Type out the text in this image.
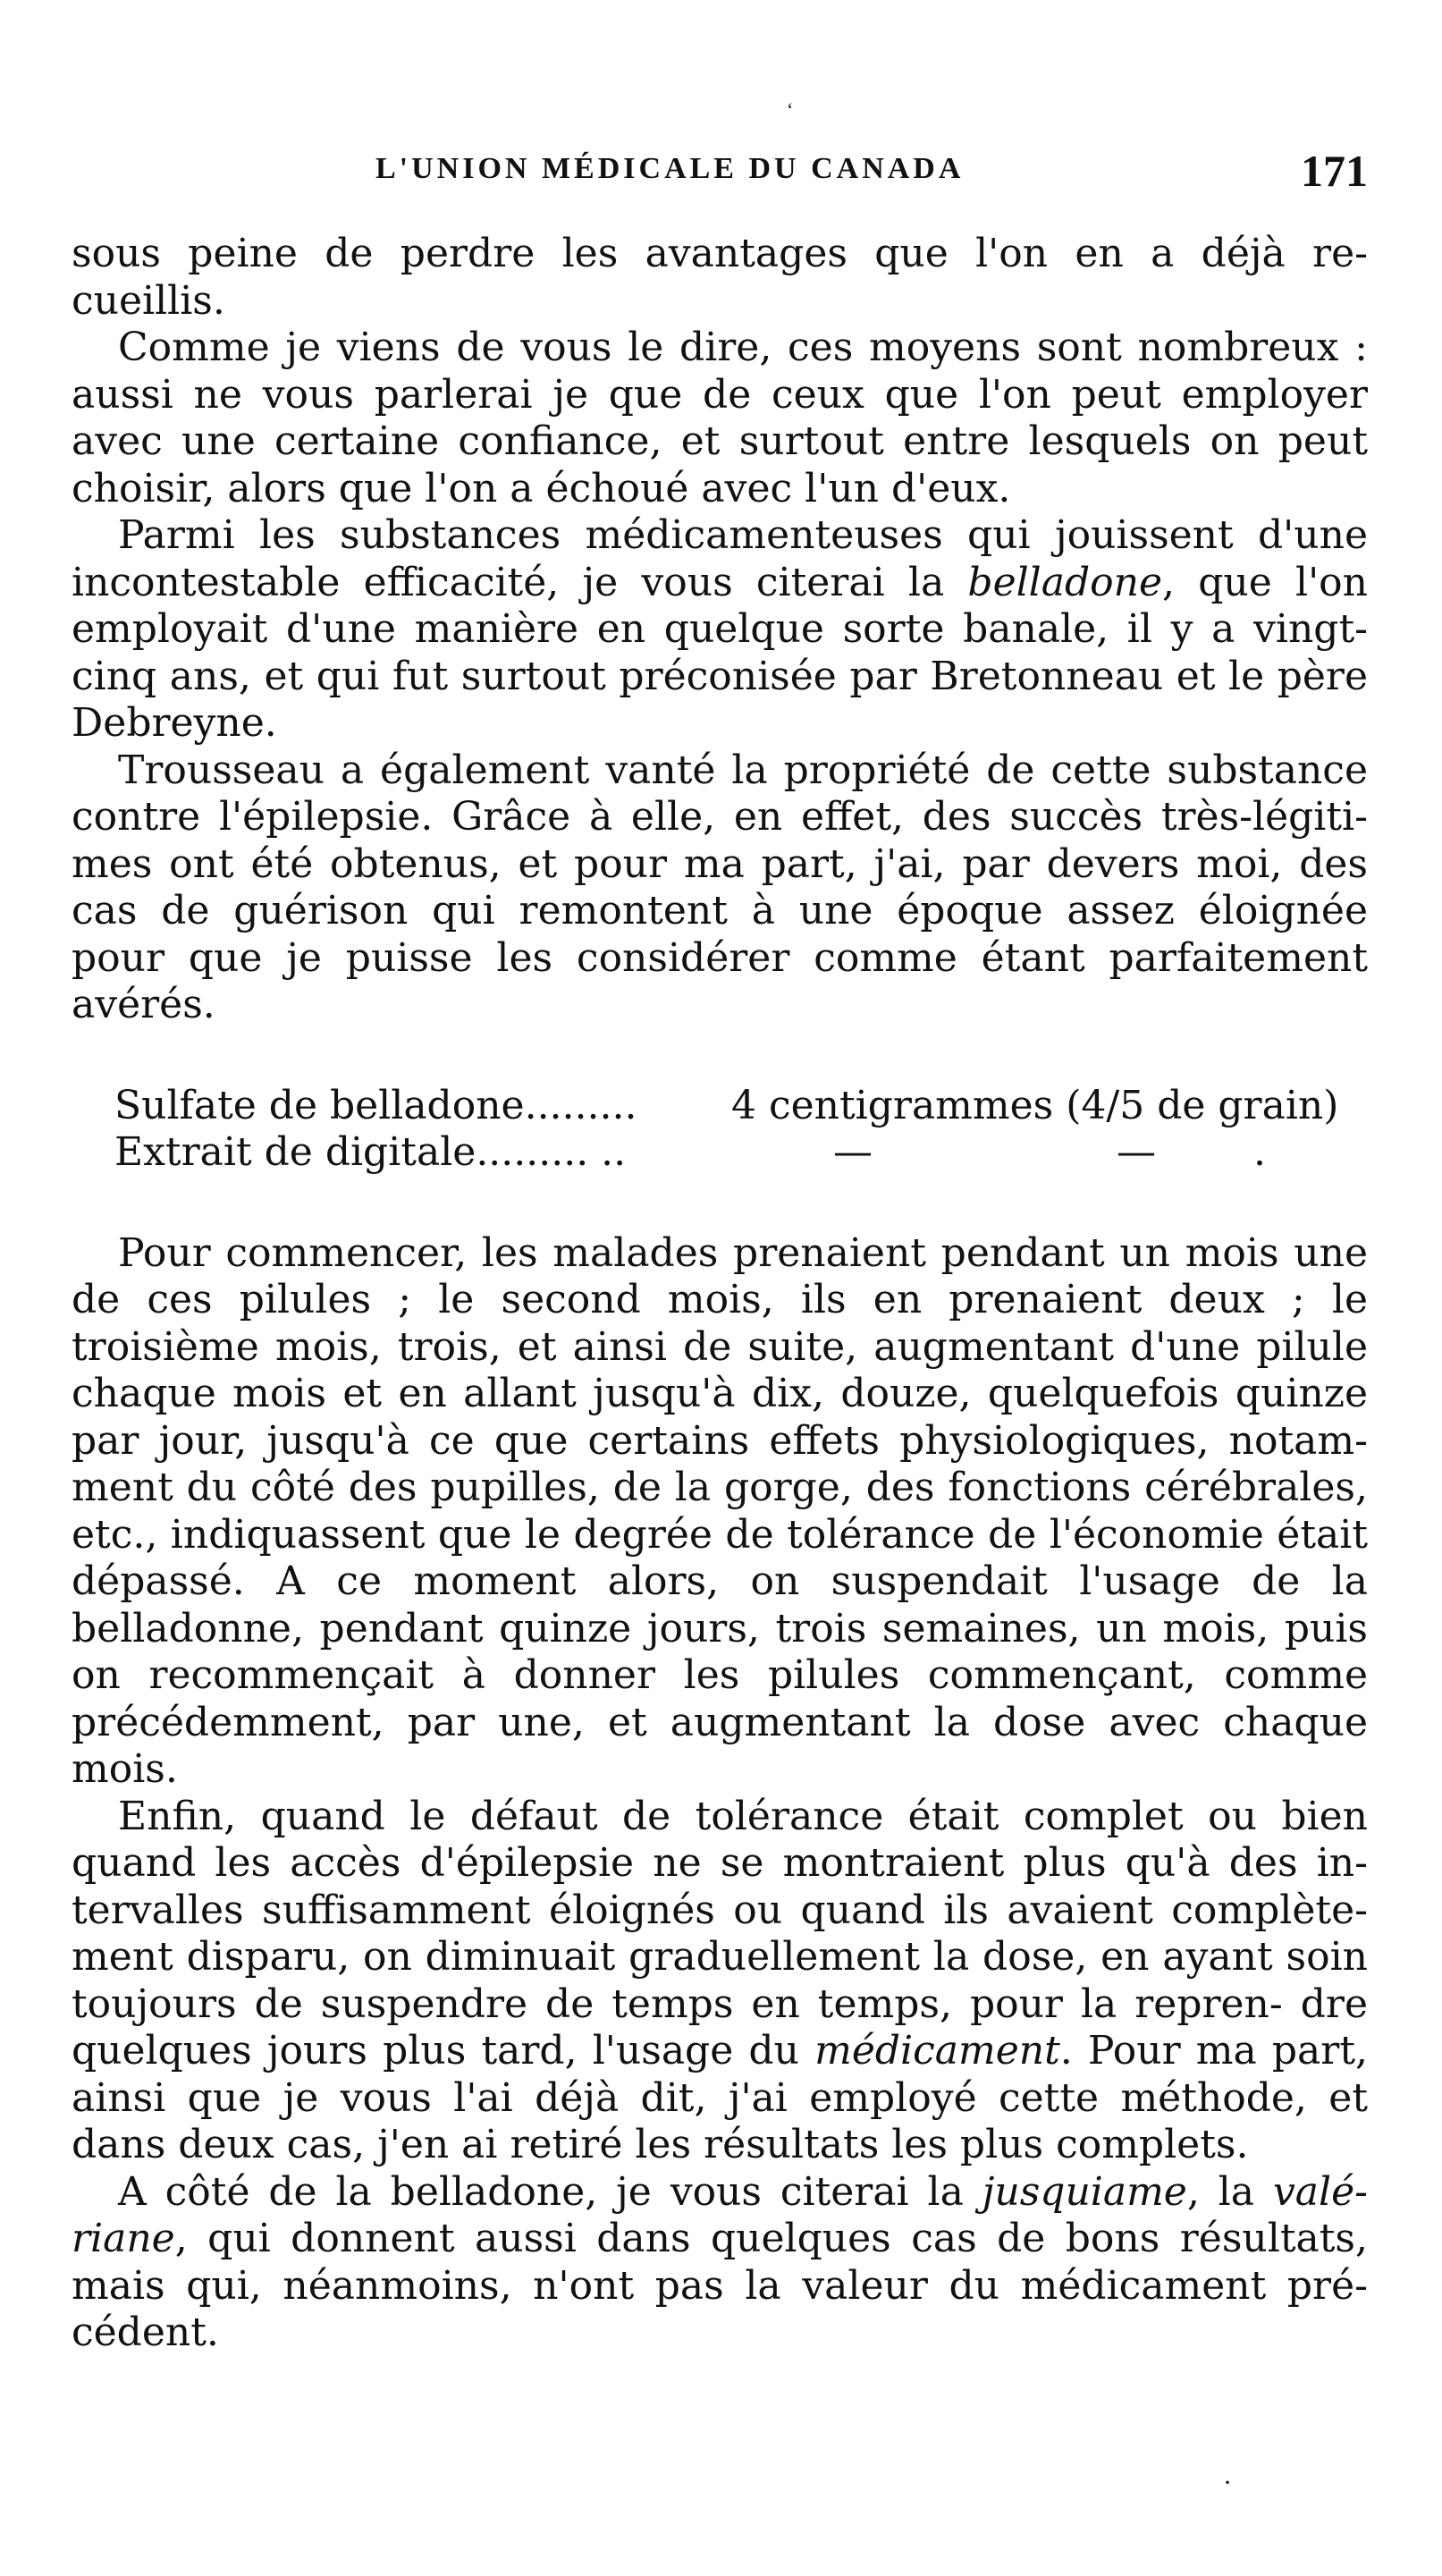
‘
L'UNION MÉDICALE DU CANADA	171

sous peine de perdre les avantages que l'on en a déjà re- cueillis.

Comme je viens de vous le dire, ces moyens sont nombreux : aussi ne vous parlerai je que de ceux que l'on peut employer avec une certaine confiance, et surtout entre lesquels on peut choisir, alors que l'on a échoué avec l'un d'eux.

Parmi les substances médicamenteuses qui jouissent d'une incontestable efficacité, je vous citerai la belladone, que l'on employait d'une manière en quelque sorte banale, il y a vingt- cinq ans, et qui fut surtout préconisée par Bretonneau et le père Debreyne.

Trousseau a également vanté la propriété de cette substance contre l'épilepsie. Grâce à elle, en effet, des succès très-légiti- mes ont été obtenus, et pour ma part, j'ai, par devers moi, des cas de guérison qui remontent à une époque assez éloignée pour que je puisse les considérer comme étant parfaitement avérés.

Sulfate de belladone.........	4 centigrammes (4/5 de grain)
Extrait de digitale......... ..	—	— .

Pour commencer, les malades prenaient pendant un mois une de ces pilules ; le second mois, ils en prenaient deux ; le troisième mois, trois, et ainsi de suite, augmentant d'une pilule chaque mois et en allant jusqu'à dix, douze, quelquefois quinze par jour, jusqu'à ce que certains effets physiologiques, notam- ment du côté des pupilles, de la gorge, des fonctions cérébrales, etc., indiquassent que le degrée de tolérance de l'économie était dépassé. A ce moment alors, on suspendait l'usage de la belladonne, pendant quinze jours, trois semaines, un mois, puis on recommençait à donner les pilules commençant, comme précédemment, par une, et augmentant la dose avec chaque mois.

Enfin, quand le défaut de tolérance était complet ou bien quand les accès d'épilepsie ne se montraient plus qu'à des in- tervalles suffisamment éloignés ou quand ils avaient complète- ment disparu, on diminuait graduellement la dose, en ayant soin toujours de suspendre de temps en temps, pour la repren- dre quelques jours plus tard, l'usage du médicament. Pour ma part, ainsi que je vous l'ai déjà dit, j'ai employé cette méthode, et dans deux cas, j'en ai retiré les résultats les plus complets.

A côté de la belladone, je vous citerai la jusquiame, la valé- riane, qui donnent aussi dans quelques cas de bons résultats, mais qui, néanmoins, n'ont pas la valeur du médicament pré- cédent.

·
